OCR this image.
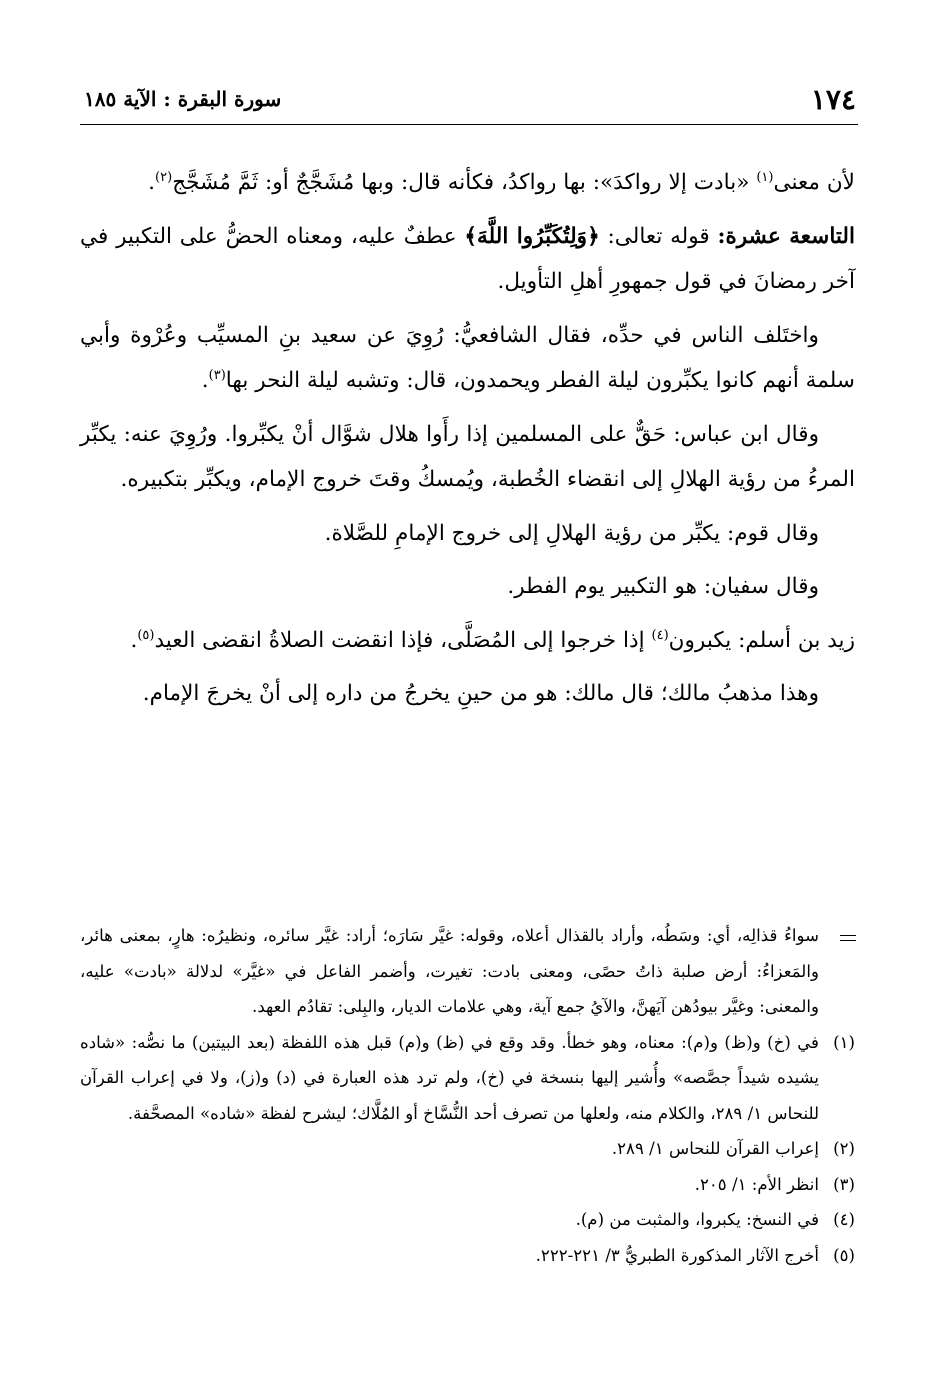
١٧٤
سورة البقرة : الآية ١٨٥

لأن معنى$^{(١)}$ «بادت إلا رواكدَ»: بها رواكدُ، فكأنه قال: وبها مُشَجَّجٌ أو: ثَمَّ مُشَجَّج$^{(٢)}$.

التاسعة عشرة: قوله تعالى: ﴿وَلِتُكَبِّرُوا اللَّهَ﴾ عطفٌ عليه، ومعناه الحضُّ على التكبير في آخر رمضانَ في قول جمهورِ أهلِ التأويل.

واختَلف الناس في حدِّه، فقال الشافعيُّ: رُوِيَ عن سعيد بنِ المسيِّب وعُرْوة وأبي سلمة أنهم كانوا يكبِّرون ليلة الفطر ويحمدون، قال: وتشبه ليلة النحر بها$^{(٣)}$.

وقال ابن عباس: حَقٌّ على المسلمين إذا رأَوا هلال شوَّال أنْ يكبِّروا. ورُوِيَ عنه: يكبِّر المرءُ من رؤية الهلالِ إلى انقضاء الخُطبة، ويُمسكُ وقتَ خروج الإمام، ويكبِّر بتكبيره.

وقال قوم: يكبِّر من رؤية الهلالِ إلى خروج الإمامِ للصَّلاة.

وقال سفيان: هو التكبير يوم الفطر.

زيد بن أسلم: يكبرون$^{(٤)}$ إذا خرجوا إلى المُصَلَّى، فإذا انقضت الصلاةُ انقضى العيد$^{(٥)}$.

وهذا مذهبُ مالك؛ قال مالك: هو من حينِ يخرجُ من داره إلى أنْ يخرجَ الإمام.

سواءُ قذالِه، أي: وسَطُه، وأراد بالقذال أعلاه، وقوله: غيَّر سَارَه؛ أراد: غيَّر سائره، ونظيرُه: هارٍ، بمعنى هائر، والمَعزاءُ: أرض صلبة ذاتُ حصًى، ومعنى بادت: تغيرت، وأضمر الفاعل في «غيَّر» لدلالة «بادت» عليه، والمعنى: وغيَّر بيودُهن آيَهنَّ، والآيُ جمع آية، وهي علامات الديار، والبِلى: تقادُم العهد.

(١)
في (خ) و(ظ) و(م): معناه، وهو خطأ. وقد وقع في (ظ) و(م) قبل هذه اللفظة (بعد البيتين) ما نصُّه: «شاده يشيده شيداً جصَّصه» وأُشير إليها بنسخة في (خ)، ولم ترد هذه العبارة في (د) و(ز)، ولا في إعراب القرآن للنحاس ١/ ٢٨٩، والكلام منه، ولعلها من تصرف أحد النُّسَّاخ أو المُلَّاك؛ ليشرح لفظة «شاده» المصحَّفة.
(٢)
إعراب القرآن للنحاس ١/ ٢٨٩.
(٣)
انظر الأم: ١/ ٢٠٥.
(٤)
في النسخ: يكبروا، والمثبت من (م).
(٥)
أخرج الآثار المذكورة الطبريُّ ٣/ ٢٢١-٢٢٢.
